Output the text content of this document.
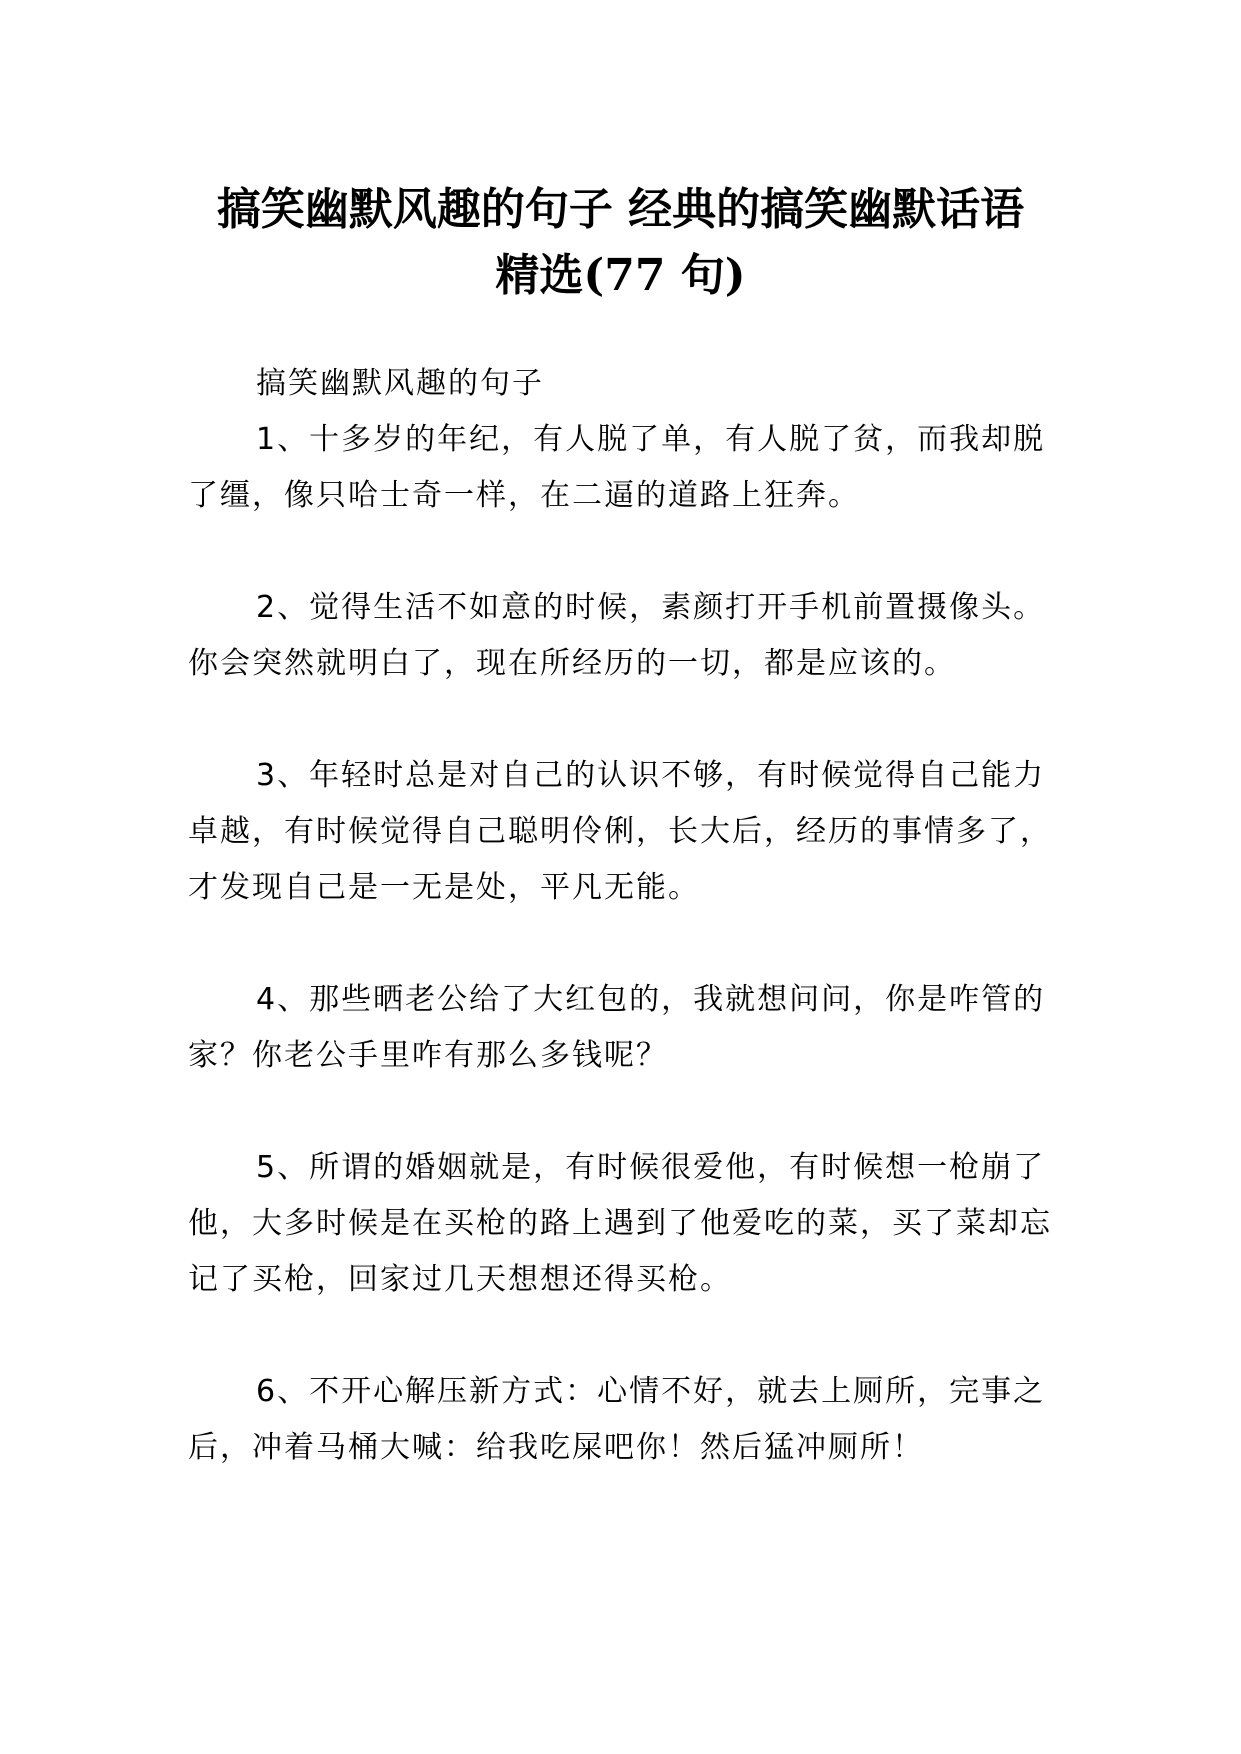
搞笑幽默风趣的句子 经典的搞笑幽默话语
精选(77 句)

搞笑幽默风趣的句子

1、十多岁的年纪，有人脱了单，有人脱了贫，而我却脱了缰，像只哈士奇一样，在二逼的道路上狂奔。

2、觉得生活不如意的时候，素颜打开手机前置摄像头。你会突然就明白了，现在所经历的一切，都是应该的。

3、年轻时总是对自己的认识不够，有时候觉得自己能力卓越，有时候觉得自己聪明伶俐，长大后，经历的事情多了，才发现自己是一无是处，平凡无能。

4、那些晒老公给了大红包的，我就想问问，你是咋管的家？你老公手里咋有那么多钱呢？

5、所谓的婚姻就是，有时候很爱他，有时候想一枪崩了他，大多时候是在买枪的路上遇到了他爱吃的菜，买了菜却忘记了买枪，回家过几天想想还得买枪。

6、不开心解压新方式：心情不好，就去上厕所，完事之后，冲着马桶大喊：给我吃屎吧你！然后猛冲厕所！
